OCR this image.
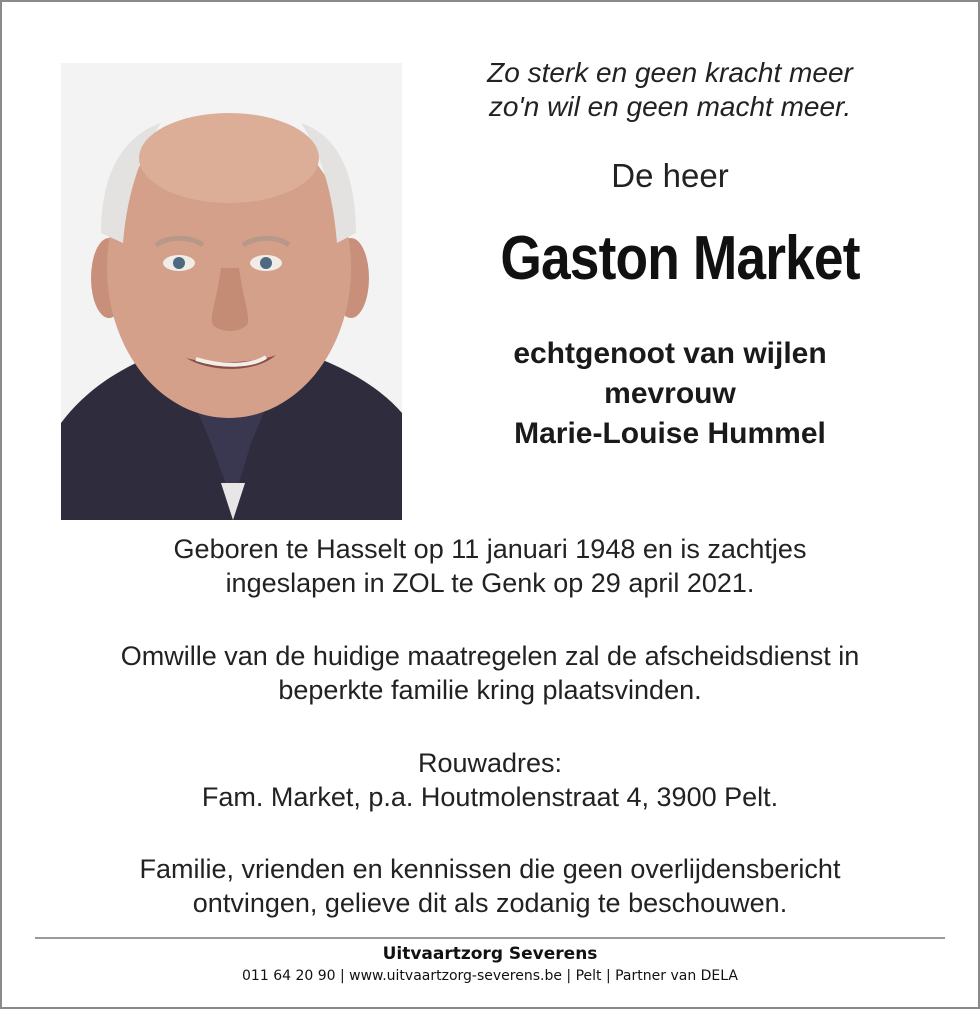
Zo sterk en geen kracht meer
zo'n wil en geen macht meer.
De heer
Gaston Market
echtgenoot van wijlen
mevrouw
Marie-Louise Hummel
Geboren te Hasselt op 11 januari 1948 en is zachtjes
ingeslapen in ZOL te Genk op 29 april 2021.
Omwille van de huidige maatregelen zal de afscheidsdienst in
beperkte familie kring plaatsvinden.
Rouwadres:
Fam. Market, p.a. Houtmolenstraat 4, 3900 Pelt.
Familie, vrienden en kennissen die geen overlijdensbericht
ontvingen, gelieve dit als zodanig te beschouwen.
Uitvaartzorg Severens
011 64 20 90 | www.uitvaartzorg-severens.be | Pelt | Partner van DELA
